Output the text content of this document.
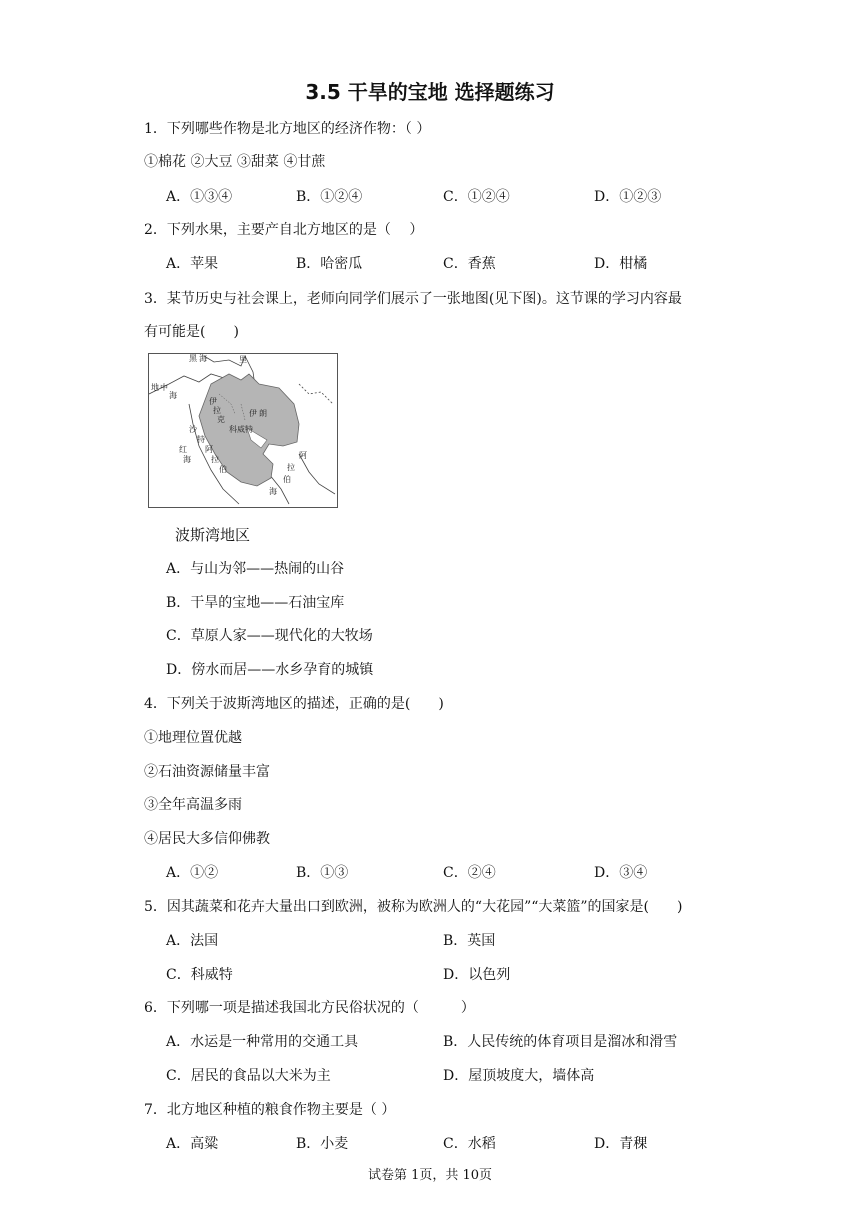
3.5 干旱的宝地 选择题练习
1．下列哪些作物是北方地区的经济作物：（ ）
①棉花 ②大豆 ③甜菜 ④甘蔗
A．①③④	B．①②④	C．①②④	D．①②③
2．下列水果，主要产自北方地区的是（　 ）
A．苹果	B．哈密瓜	C．香蕉	D．柑橘
3．某节历史与社会课上，老师向同学们展示了一张地图(见下图)。这节课的学习内容最
有可能是(　　)
黑 海	里
地 中
海
伊
拉
克
伊 朗
科威特
沙
特
阿
拉
伯
红
海	阿
拉
伯
海
波斯湾地区
A．与山为邻——热闹的山谷
B．干旱的宝地——石油宝库
C．草原人家——现代化的大牧场
D．傍水而居——水乡孕育的城镇
4．下列关于波斯湾地区的描述，正确的是(　　)
①地理位置优越
②石油资源储量丰富
③全年高温多雨
④居民大多信仰佛教
A．①②	B．①③	C．②④	D．③④
5．因其蔬菜和花卉大量出口到欧洲，被称为欧洲人的“大花园”“大菜篮”的国家是(　　)
A．法国	B．英国
C．科威特	D．以色列
6．下列哪一项是描述我国北方民俗状况的（　　　）
A．水运是一种常用的交通工具	B．人民传统的体育项目是溜冰和滑雪
C．居民的食品以大米为主	D．屋顶坡度大，墙体高
7．北方地区种植的粮食作物主要是（ ）
A．高粱	B．小麦	C．水稻	D．青稞
试卷第 1页，共 10页
